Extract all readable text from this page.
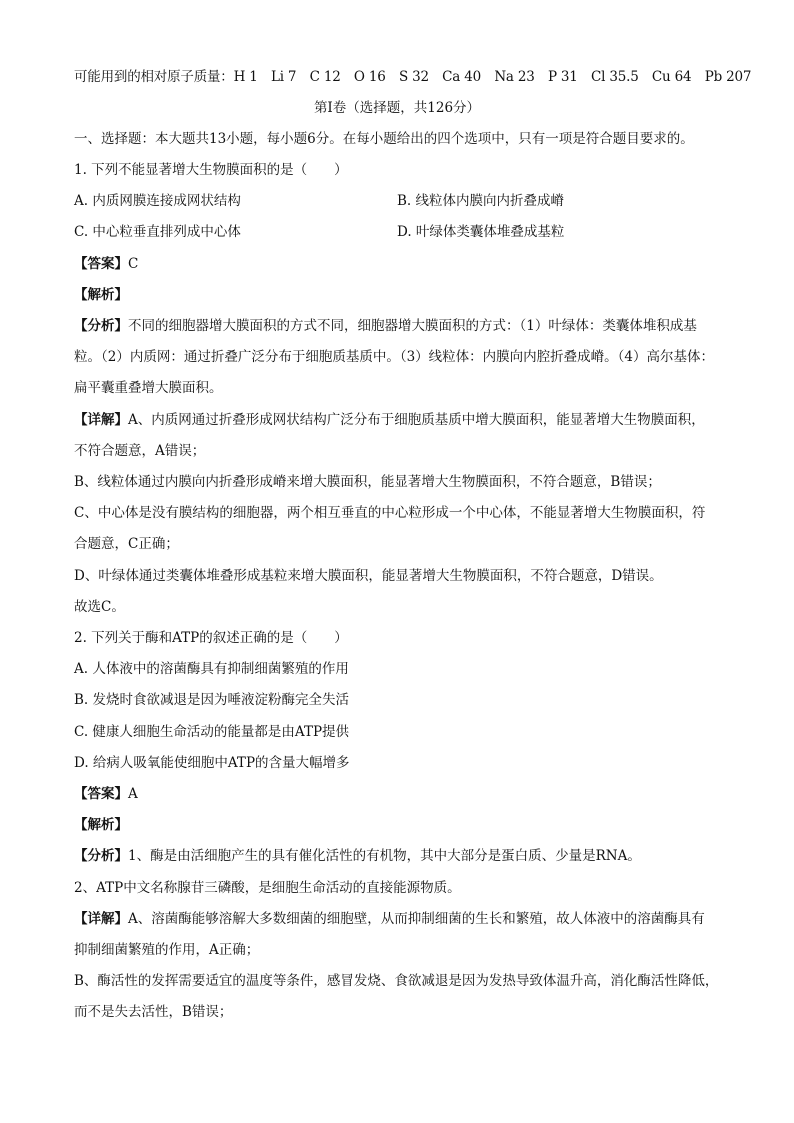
可能用到的相对原子质量：H 1　Li 7　C 12　O 16　S 32　Ca 40　Na 23　P 31　Cl 35.5　Cu 64　Pb 207
第Ⅰ卷（选择题，共126分）
一、选择题：本大题共13小题，每小题6分。在每小题给出的四个选项中，只有一项是符合题目要求的。
1. 下列不能显著增大生物膜面积的是（　　）
A. 内质网膜连接成网状结构	B. 线粒体内膜向内折叠成嵴
C. 中心粒垂直排列成中心体	D. 叶绿体类囊体堆叠成基粒
【答案】C
【解析】
【分析】不同的细胞器增大膜面积的方式不同，细胞器增大膜面积的方式：（1）叶绿体：类囊体堆积成基
粒。（2）内质网：通过折叠广泛分布于细胞质基质中。（3）线粒体：内膜向内腔折叠成嵴。（4）高尔基体：
扁平囊重叠增大膜面积。
【详解】A、内质网通过折叠形成网状结构广泛分布于细胞质基质中增大膜面积，能显著增大生物膜面积，
不符合题意，A错误；
B、线粒体通过内膜向内折叠形成嵴来增大膜面积，能显著增大生物膜面积，不符合题意，B错误；
C、中心体是没有膜结构的细胞器，两个相互垂直的中心粒形成一个中心体，不能显著增大生物膜面积，符
合题意，C正确；
D、叶绿体通过类囊体堆叠形成基粒来增大膜面积，能显著增大生物膜面积，不符合题意，D错误。
故选C。
2. 下列关于酶和ATP的叙述正确的是（　　）
A. 人体液中的溶菌酶具有抑制细菌繁殖的作用
B. 发烧时食欲减退是因为唾液淀粉酶完全失活
C. 健康人细胞生命活动的能量都是由ATP提供
D. 给病人吸氧能使细胞中ATP的含量大幅增多
【答案】A
【解析】
【分析】1、酶是由活细胞产生的具有催化活性的有机物，其中大部分是蛋白质、少量是RNA。
2、ATP中文名称腺苷三磷酸，是细胞生命活动的直接能源物质。
【详解】A、溶菌酶能够溶解大多数细菌的细胞壁，从而抑制细菌的生长和繁殖，故人体液中的溶菌酶具有
抑制细菌繁殖的作用，A正确；
B、酶活性的发挥需要适宜的温度等条件，感冒发烧、食欲减退是因为发热导致体温升高，消化酶活性降低，
而不是失去活性，B错误；
